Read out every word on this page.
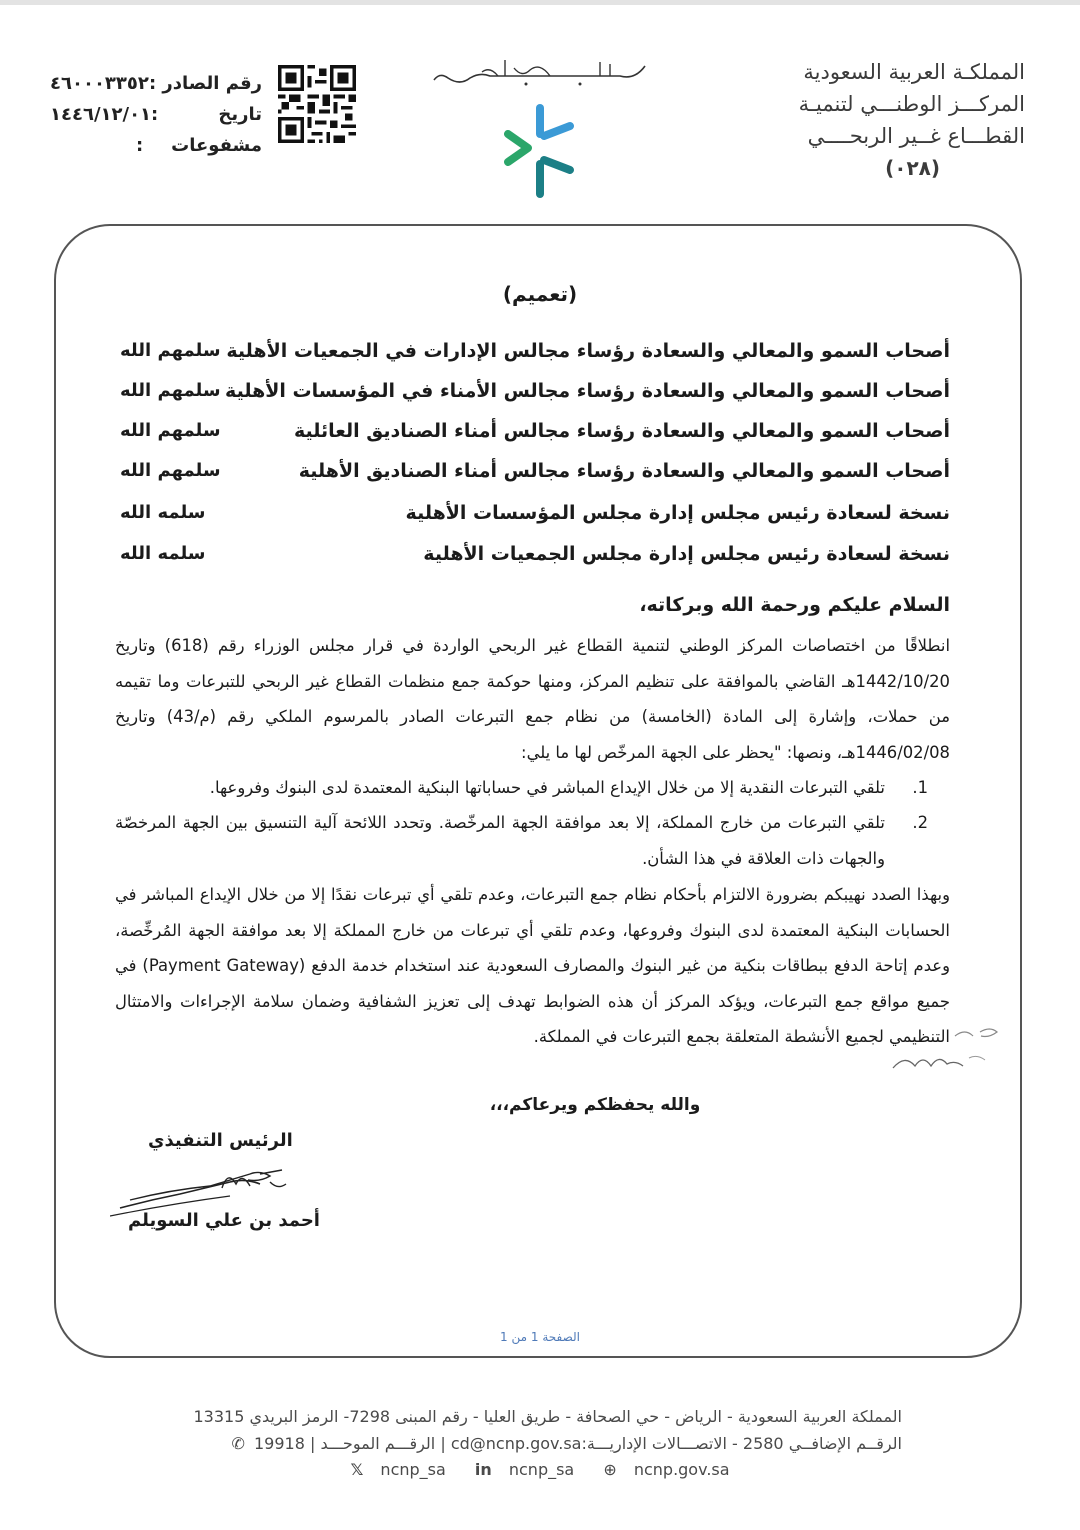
المملكـة العربية السعودية
المركـــز الوطنـــي لتنميـة
القطـــاع غــير الربحــــي
(٠٢٨)
رقم الصادر :
٤٦٠٠٠٣٣٥٢
تاريخ
:١٤٤٦/١٢/٠١
مشفوعات
:
(تعميم)
أصحاب السمو والمعالي والسعادة رؤساء مجالس الإدارات في الجمعيات الأهلية
سلمهم الله
أصحاب السمو والمعالي والسعادة رؤساء مجالس الأمناء في المؤسسات الأهلية
سلمهم الله
أصحاب السمو والمعالي والسعادة رؤساء مجالس أمناء الصناديق العائلية
سلمهم الله
أصحاب السمو والمعالي والسعادة رؤساء مجالس أمناء الصناديق الأهلية
سلمهم الله
نسخة لسعادة رئيس مجلس إدارة مجلس المؤسسات الأهلية
سلمه الله
نسخة لسعادة رئيس مجلس إدارة مجلس الجمعيات الأهلية
سلمه الله
السلام عليكم ورحمة الله وبركاته،
انطلاقًا من اختصاصات المركز الوطني لتنمية القطاع غير الربحي الواردة في قرار مجلس الوزراء رقم (618) وتاريخ 1442/10/20هـ القاضي بالموافقة على تنظيم المركز، ومنها حوكمة جمع منظمات القطاع غير الربحي للتبرعات وما تقيمه من حملات، وإشارة إلى المادة (الخامسة) من نظام جمع التبرعات الصادر بالمرسوم الملكي رقم (م/43) وتاريخ 1446/02/08هـ، ونصها: "يحظر على الجهة المرخّص لها ما يلي:
1.
تلقي التبرعات النقدية إلا من خلال الإيداع المباشر في حساباتها البنكية المعتمدة لدى البنوك وفروعها.
2.
تلقي التبرعات من خارج المملكة، إلا بعد موافقة الجهة المرخّصة. وتحدد اللائحة آلية التنسيق بين الجهة المرخصّة والجهات ذات العلاقة في هذا الشأن.
وبهذا الصدد نهيبكم بضرورة الالتزام بأحكام نظام جمع التبرعات، وعدم تلقي أي تبرعات نقدًا إلا من خلال الإيداع المباشر في الحسابات البنكية المعتمدة لدى البنوك وفروعها، وعدم تلقي أي تبرعات من خارج المملكة إلا بعد موافقة الجهة المُرخِّصة، وعدم إتاحة الدفع ببطاقات بنكية من غير البنوك والمصارف السعودية عند استخدام خدمة الدفع (Payment Gateway) في جميع مواقع جمع التبرعات، ويؤكد المركز أن هذه الضوابط تهدف إلى تعزيز الشفافية وضمان سلامة الإجراءات والامتثال التنظيمي لجميع الأنشطة المتعلقة بجمع التبرعات في المملكة.
والله يحفظكم ويرعاكم،،،
الرئيس التنفيذي
أحمد بن علي السويلم
الصفحة 1 من 1
المملكة العربية السعودية - الرياض - حي الصحافة - طريق العليا - رقم المبنى 7298- الرمز البريدي 13315
الرقــم الإضافــي 2580 - الاتصـــالات الإداريـــة:cd@ncnp.gov.sa | الرقـــم الموحـــد | 19918 ✆
𝕏 ncnp_sa in ncnp_sa ⊕ ncnp.gov.sa
